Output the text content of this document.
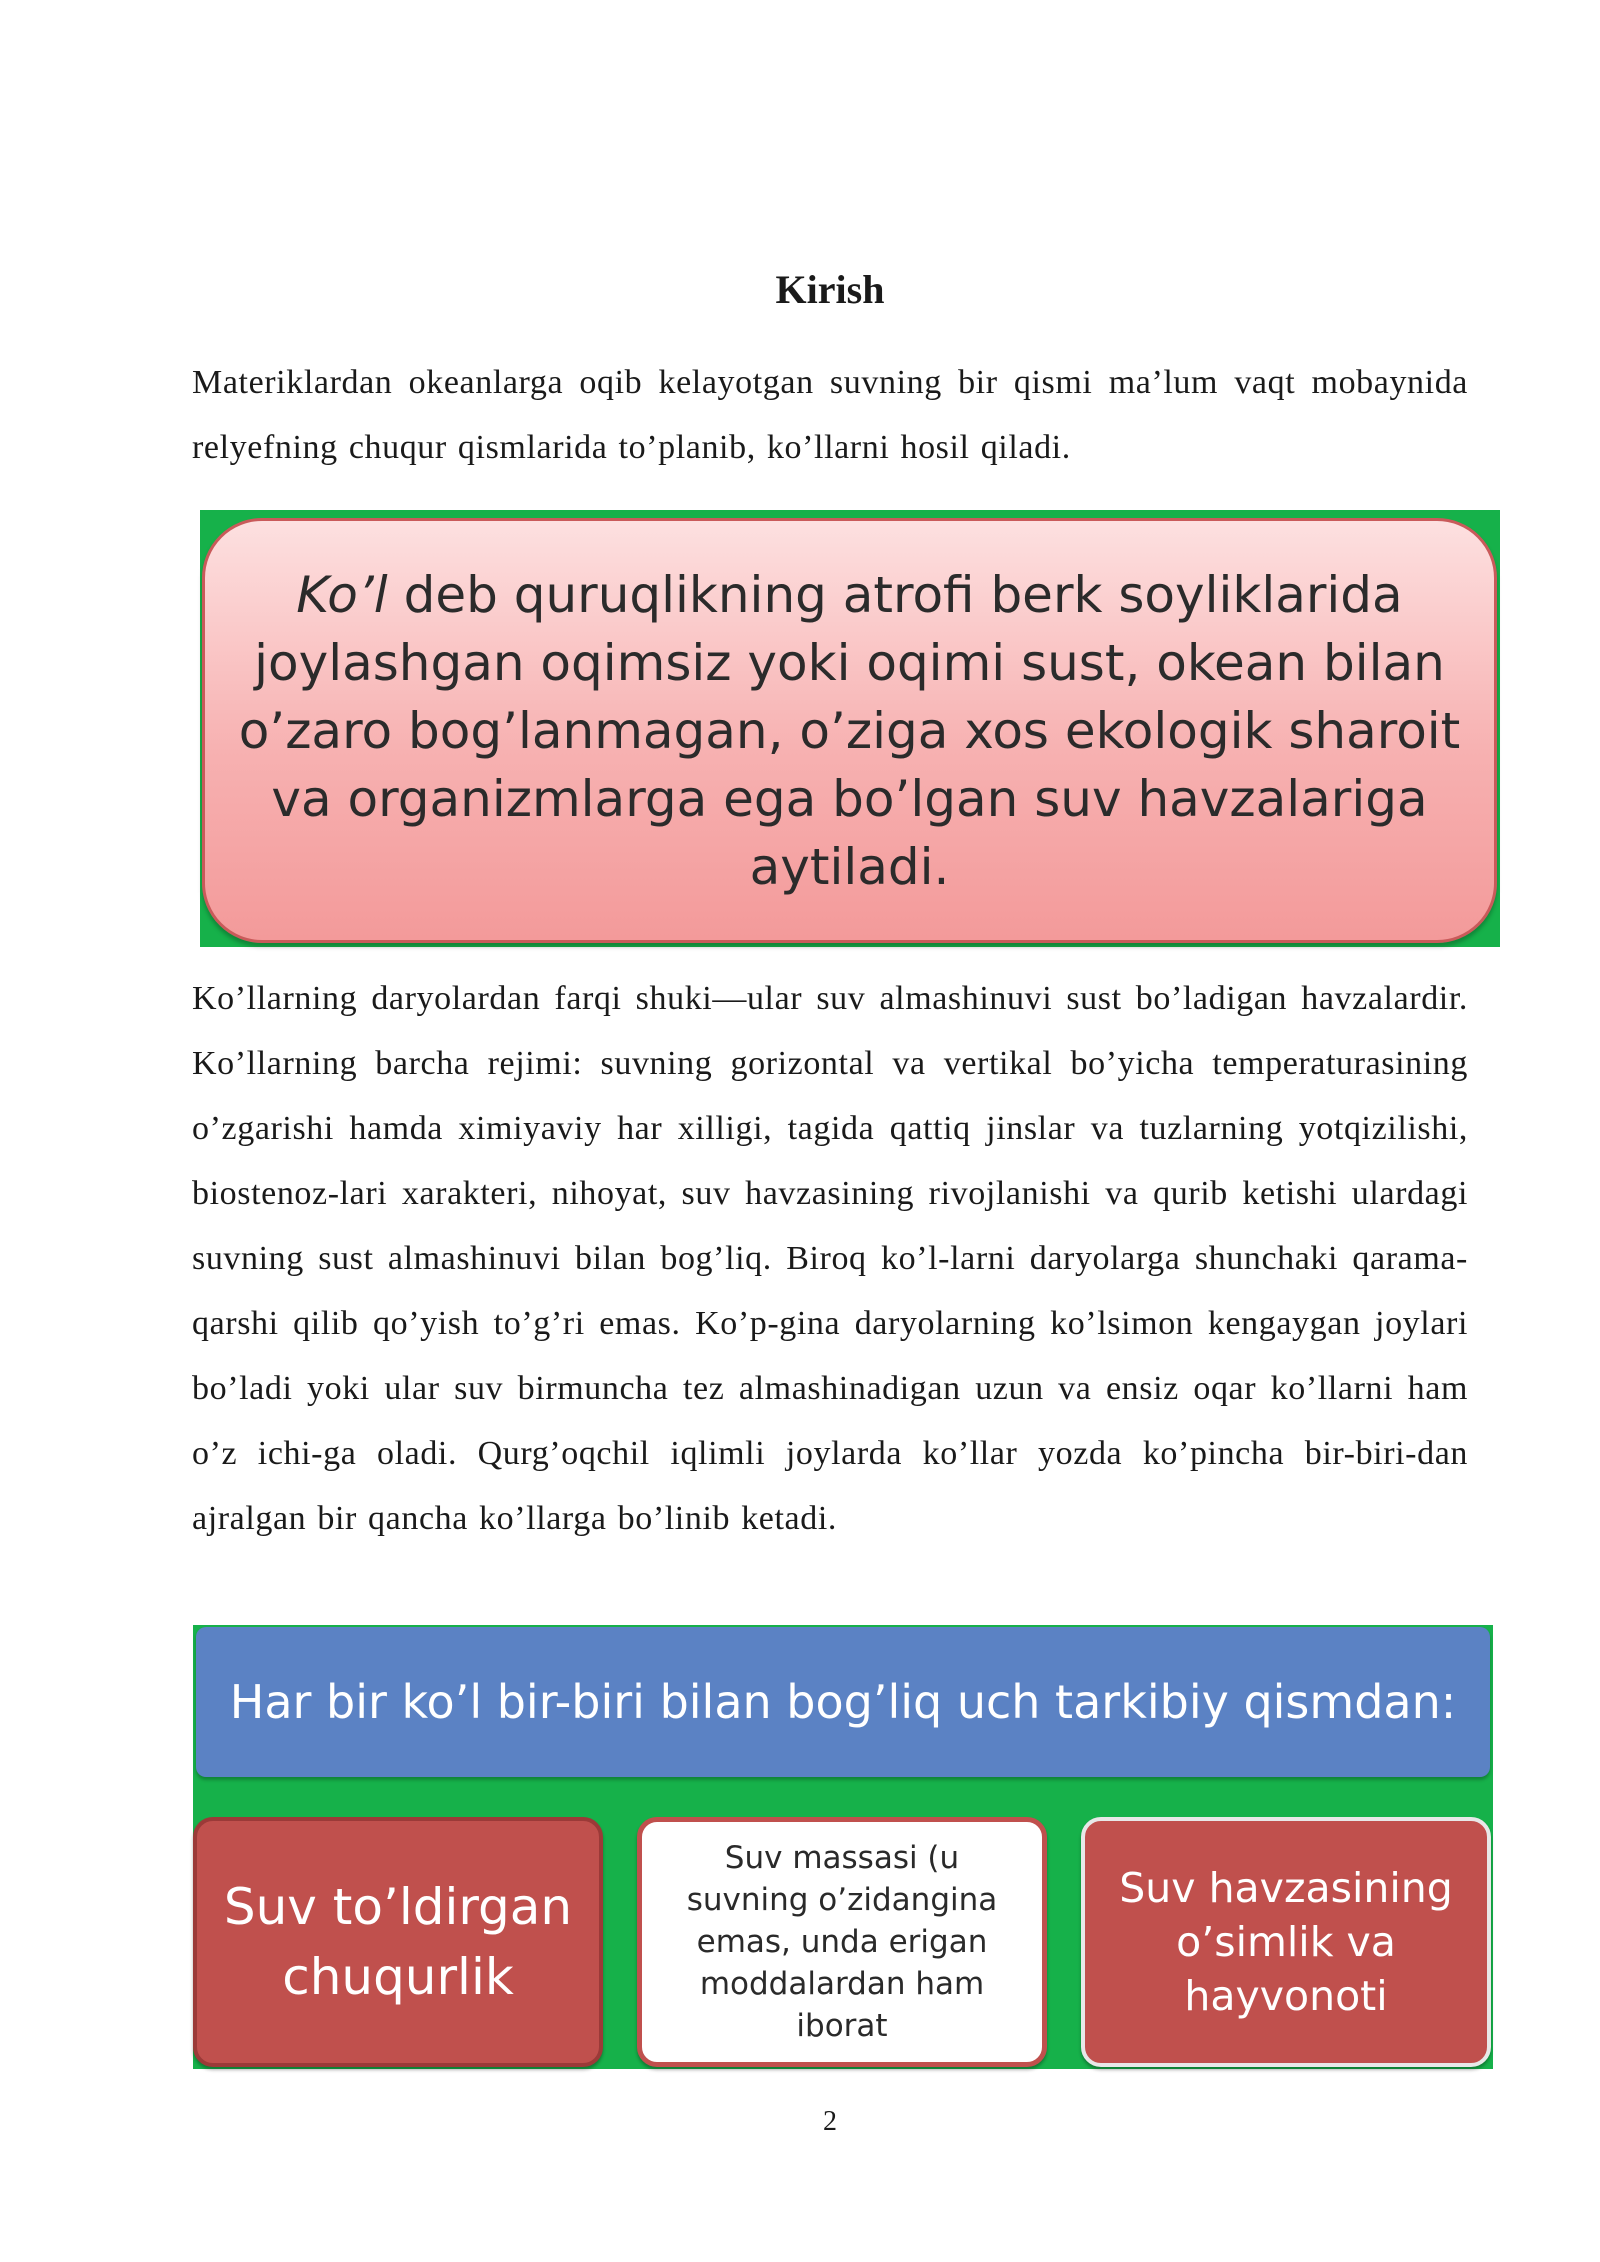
Kirish

Materiklardan okeanlarga oqib kelayotgan suvning bir qismi ma’lum vaqt mobaynida relyefning chuqur qismlarida to’planib, ko’llarni hosil qiladi.

Ko’l deb quruqlikning atrofi berk soyliklarida joylashgan oqimsiz yoki oqimi sust, okean bilan o’zaro bog’lanmagan, o’ziga xos ekologik sharoit va organizmlarga ega bo’lgan suv havzalariga aytiladi.

Ko’llarning daryolardan farqi shuki—ular suv almashinuvi sust bo’ladigan havzalardir. Ko’llarning barcha rejimi: suvning gorizontal va vertikal bo’yicha temperaturasining o’zgarishi hamda ximiyaviy har xilligi, tagida qattiq jinslar va tuzlarning yotqizilishi, biostenoz-lari xarakteri, nihoyat, suv havzasining rivojlanishi va qurib ketishi ulardagi suvning sust almashinuvi bilan bog’liq. Biroq ko’l-larni daryolarga shunchaki qarama-qarshi qilib qo’yish to’g’ri emas. Ko’p-gina daryolarning ko’lsimon kengaygan joylari bo’ladi yoki ular suv birmuncha tez almashinadigan uzun va ensiz oqar ko’llarni ham o’z ichi-ga oladi. Qurg’oqchil iqlimli joylarda ko’llar yozda ko’pincha bir-biri-dan ajralgan bir qancha ko’llarga bo’linib ketadi.

Har bir ko’l bir-biri bilan bog’liq uch tarkibiy qismdan:
Suv to’ldirgan chuqurlik
Suv massasi (u suvning o’zidangina emas, unda erigan moddalardan ham iborat
Suv havzasining o’simlik va hayvonoti
2
